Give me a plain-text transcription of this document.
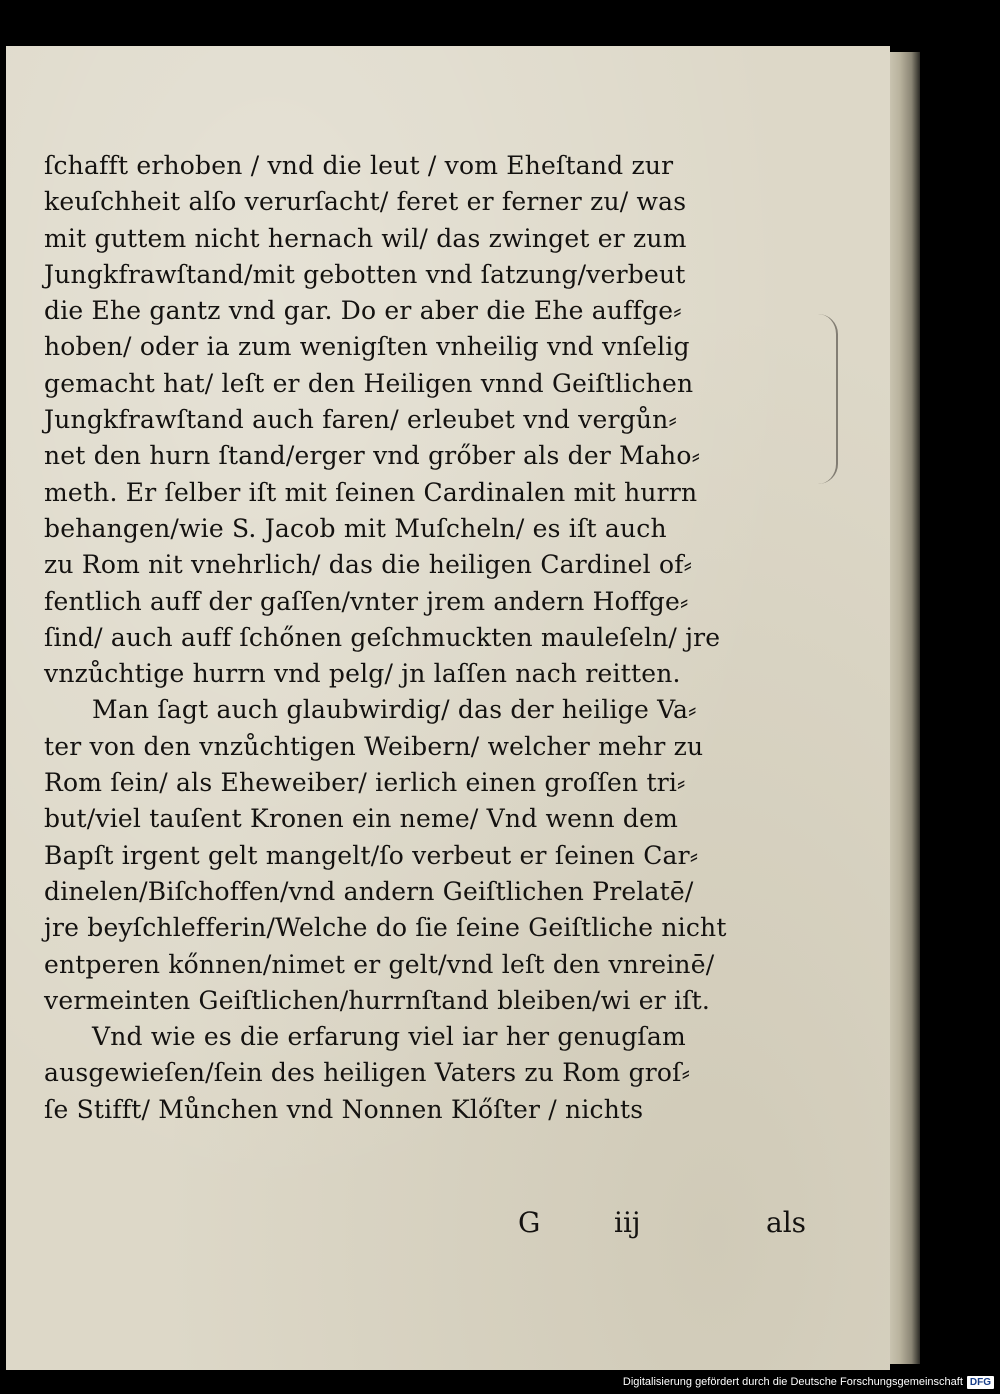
ſchafft erhoben / vnd die leut / vom Eheſtand zur
keuſchheit alſo verurſacht/ feret er ferner zu/ was
mit guttem nicht hernach wil/ das zwinget er zum
Jungkfrawſtand/mit gebotten vnd ſatzung/verbeut
die Ehe gantz vnd gar. Do er aber die Ehe auffge⸗
hoben/ oder ia zum wenigſten vnheilig vnd vnſelig
gemacht hat/ leſt er den Heiligen vnnd Geiſtlichen
Jungkfrawſtand auch faren/ erleubet vnd vergůn⸗
net den hurn ſtand/erger vnd grőber als der Maho⸗
meth. Er ſelber iſt mit ſeinen Cardinalen mit hurrn
behangen/wie S. Jacob mit Muſcheln/ es iſt auch
zu Rom nit vnehrlich/ das die heiligen Cardinel of⸗
fentlich auff der gaſſen/vnter jrem andern Hoffge⸗
ſind/ auch auff ſchőnen geſchmuckten mauleſeln/ jre
vnzůchtige hurrn vnd pelg/ jn laſſen nach reitten.
Man ſagt auch glaubwirdig/ das der heilige Va⸗
ter von den vnzůchtigen Weibern/ welcher mehr zu
Rom ſein/ als Eheweiber/ ierlich einen groſſen tri⸗
but/viel tauſent Kronen ein neme/ Vnd wenn dem
Bapſt irgent gelt mangelt/ſo verbeut er ſeinen Car⸗
dinelen/Biſchoffen/vnd andern Geiſtlichen Prelatē/
jre beyſchlefferin/Welche do ſie ſeine Geiſtliche nicht
entperen kőnnen/nimet er gelt/vnd leſt den vnreinē/
vermeinten Geiſtlichen/hurrnſtand bleiben/wi er iſt.
Vnd wie es die erfarung viel iar her genugſam
ausgewieſen/ſein des heiligen Vaters zu Rom groſ⸗
ſe Stifft/ Můnchen vnd Nonnen Klőſter / nichts
G	iij	als
Digitalisierung gefördert durch die Deutsche Forschungsgemeinschaft DFG
